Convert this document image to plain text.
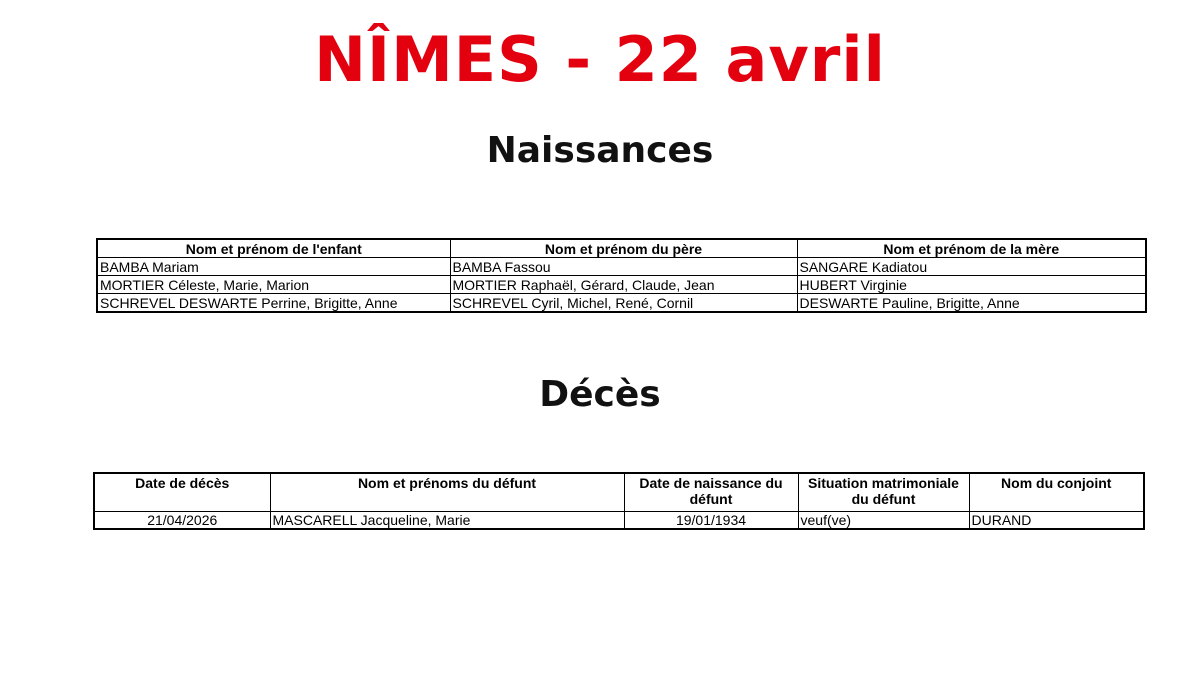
NÎMES - 22 avril
Naissances
Nom et prénom de l'enfant	Nom et prénom du père	Nom et prénom de la mère
BAMBA Mariam	BAMBA Fassou	SANGARE Kadiatou
MORTIER Céleste, Marie, Marion	MORTIER Raphaël, Gérard, Claude, Jean	HUBERT Virginie
SCHREVEL DESWARTE Perrine, Brigitte, Anne	SCHREVEL Cyril, Michel, René, Cornil	DESWARTE Pauline, Brigitte, Anne
Décès
Date de décès	Nom et prénoms du défunt	Date de naissance du défunt	Situation matrimoniale du défunt	Nom du conjoint
21/04/2026	MASCARELL Jacqueline, Marie	19/01/1934	veuf(ve)	DURAND
